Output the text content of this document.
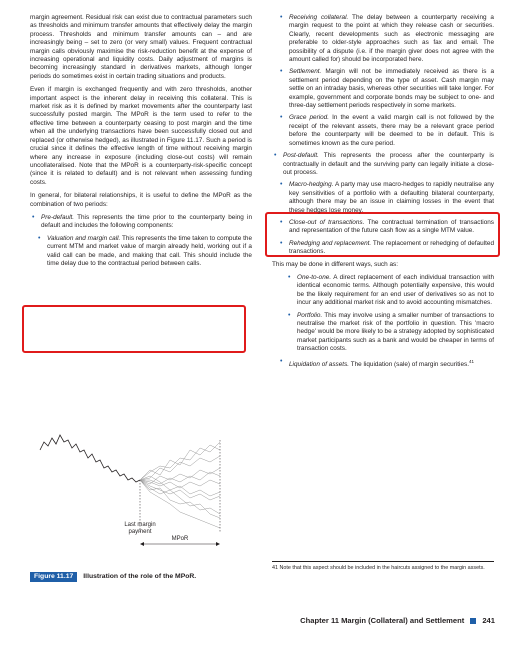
margin agreement. Residual risk can exist due to contractual parameters such as thresholds and minimum transfer amounts that effectively delay the margin process. Thresholds and minimum transfer amounts can – and are increasingly being – set to zero (or very small) values. Frequent contractual margin calls obviously maximise the risk-reduction benefit at the expense of increasing operational and liquidity costs. Daily adjustment of margins is becoming increasingly standard in derivatives markets, although longer periods do sometimes exist in certain trading situations and products.

Even if margin is exchanged frequently and with zero thresholds, another important aspect is the inherent delay in receiving this collateral. This is market risk as it is defined by market movements after the counterparty last successfully posted margin. The MPoR is the term used to refer to the effective time between a counterparty ceasing to post margin and the time when all the underlying transactions have been successfully closed out and replaced (or otherwise hedged), as illustrated in Figure 11.17. Such a period is crucial since it defines the effective length of time without receiving margin where any increase in exposure (including close-out costs) will remain uncollateralised. Note that the MPoR is a counterparty-risk-specific concept (since it is related to default) and is not relevant when assessing funding costs.

In general, for bilateral relationships, it is useful to define the MPoR as the combination of two periods:

• Pre-default. This represents the time prior to the counterparty being in default and includes the following components:
• Valuation and margin call. This represents the time taken to compute the current MTM and market value of margin already held, working out if a valid call can be made, and making that call. This should include the time delay due to the contractual period between calls.
Last margin
payment
MPoR
Figure 11.17 Illustration of the role of the MPoR.
• Receiving collateral. The delay between a counterparty receiving a margin request to the point at which they release cash or securities. Clearly, recent developments such as electronic messaging are preferable to older-style approaches such as fax and email. The possibility of a dispute (i.e. if the margin giver does not agree with the amount called for) should be incorporated here.
• Settlement. Margin will not be immediately received as there is a settlement period depending on the type of asset. Cash margin may settle on an intraday basis, whereas other securities will take longer. For example, government and corporate bonds may be subject to one- and three-day settlement periods respectively in some markets.
• Grace period. In the event a valid margin call is not followed by the receipt of the relevant assets, there may be a relevant grace period before the counterparty will be deemed to be in default. This is sometimes known as the cure period.
• Post-default. This represents the process after the counterparty is contractually in default and the surviving party can legally initiate a close-out process.
• Macro-hedging. A party may use macro-hedges to rapidly neutralise any key sensitivities of a portfolio with a defaulting bilateral counterparty, although there may be an issue in claiming losses in the event that these hedges lose money.
• Close-out of transactions. The contractual termination of transactions and representation of the future cash flow as a single MTM value.
• Rehedging and replacement. The replacement or rehedging of defaulted transactions.

This may be done in different ways, such as:

• One-to-one. A direct replacement of each individual transaction with identical economic terms. Although potentially expensive, this would be the likely requirement for an end user of derivatives so as not to incur any additional market risk and to avoid accounting mismatches.
• Portfolio. This may involve using a smaller number of transactions to neutralise the market risk of the portfolio in question. This 'macro hedge' would be more likely to be a strategy adopted by sophisticated market participants such as a bank and would be cheaper in terms of transaction costs.
• Liquidation of assets. The liquidation (sale) of margin securities.$^{41}$
41 Note that this aspect should be included in the haircuts assigned to the margin assets.
Chapter 11 Margin (Collateral) and Settlement 241
